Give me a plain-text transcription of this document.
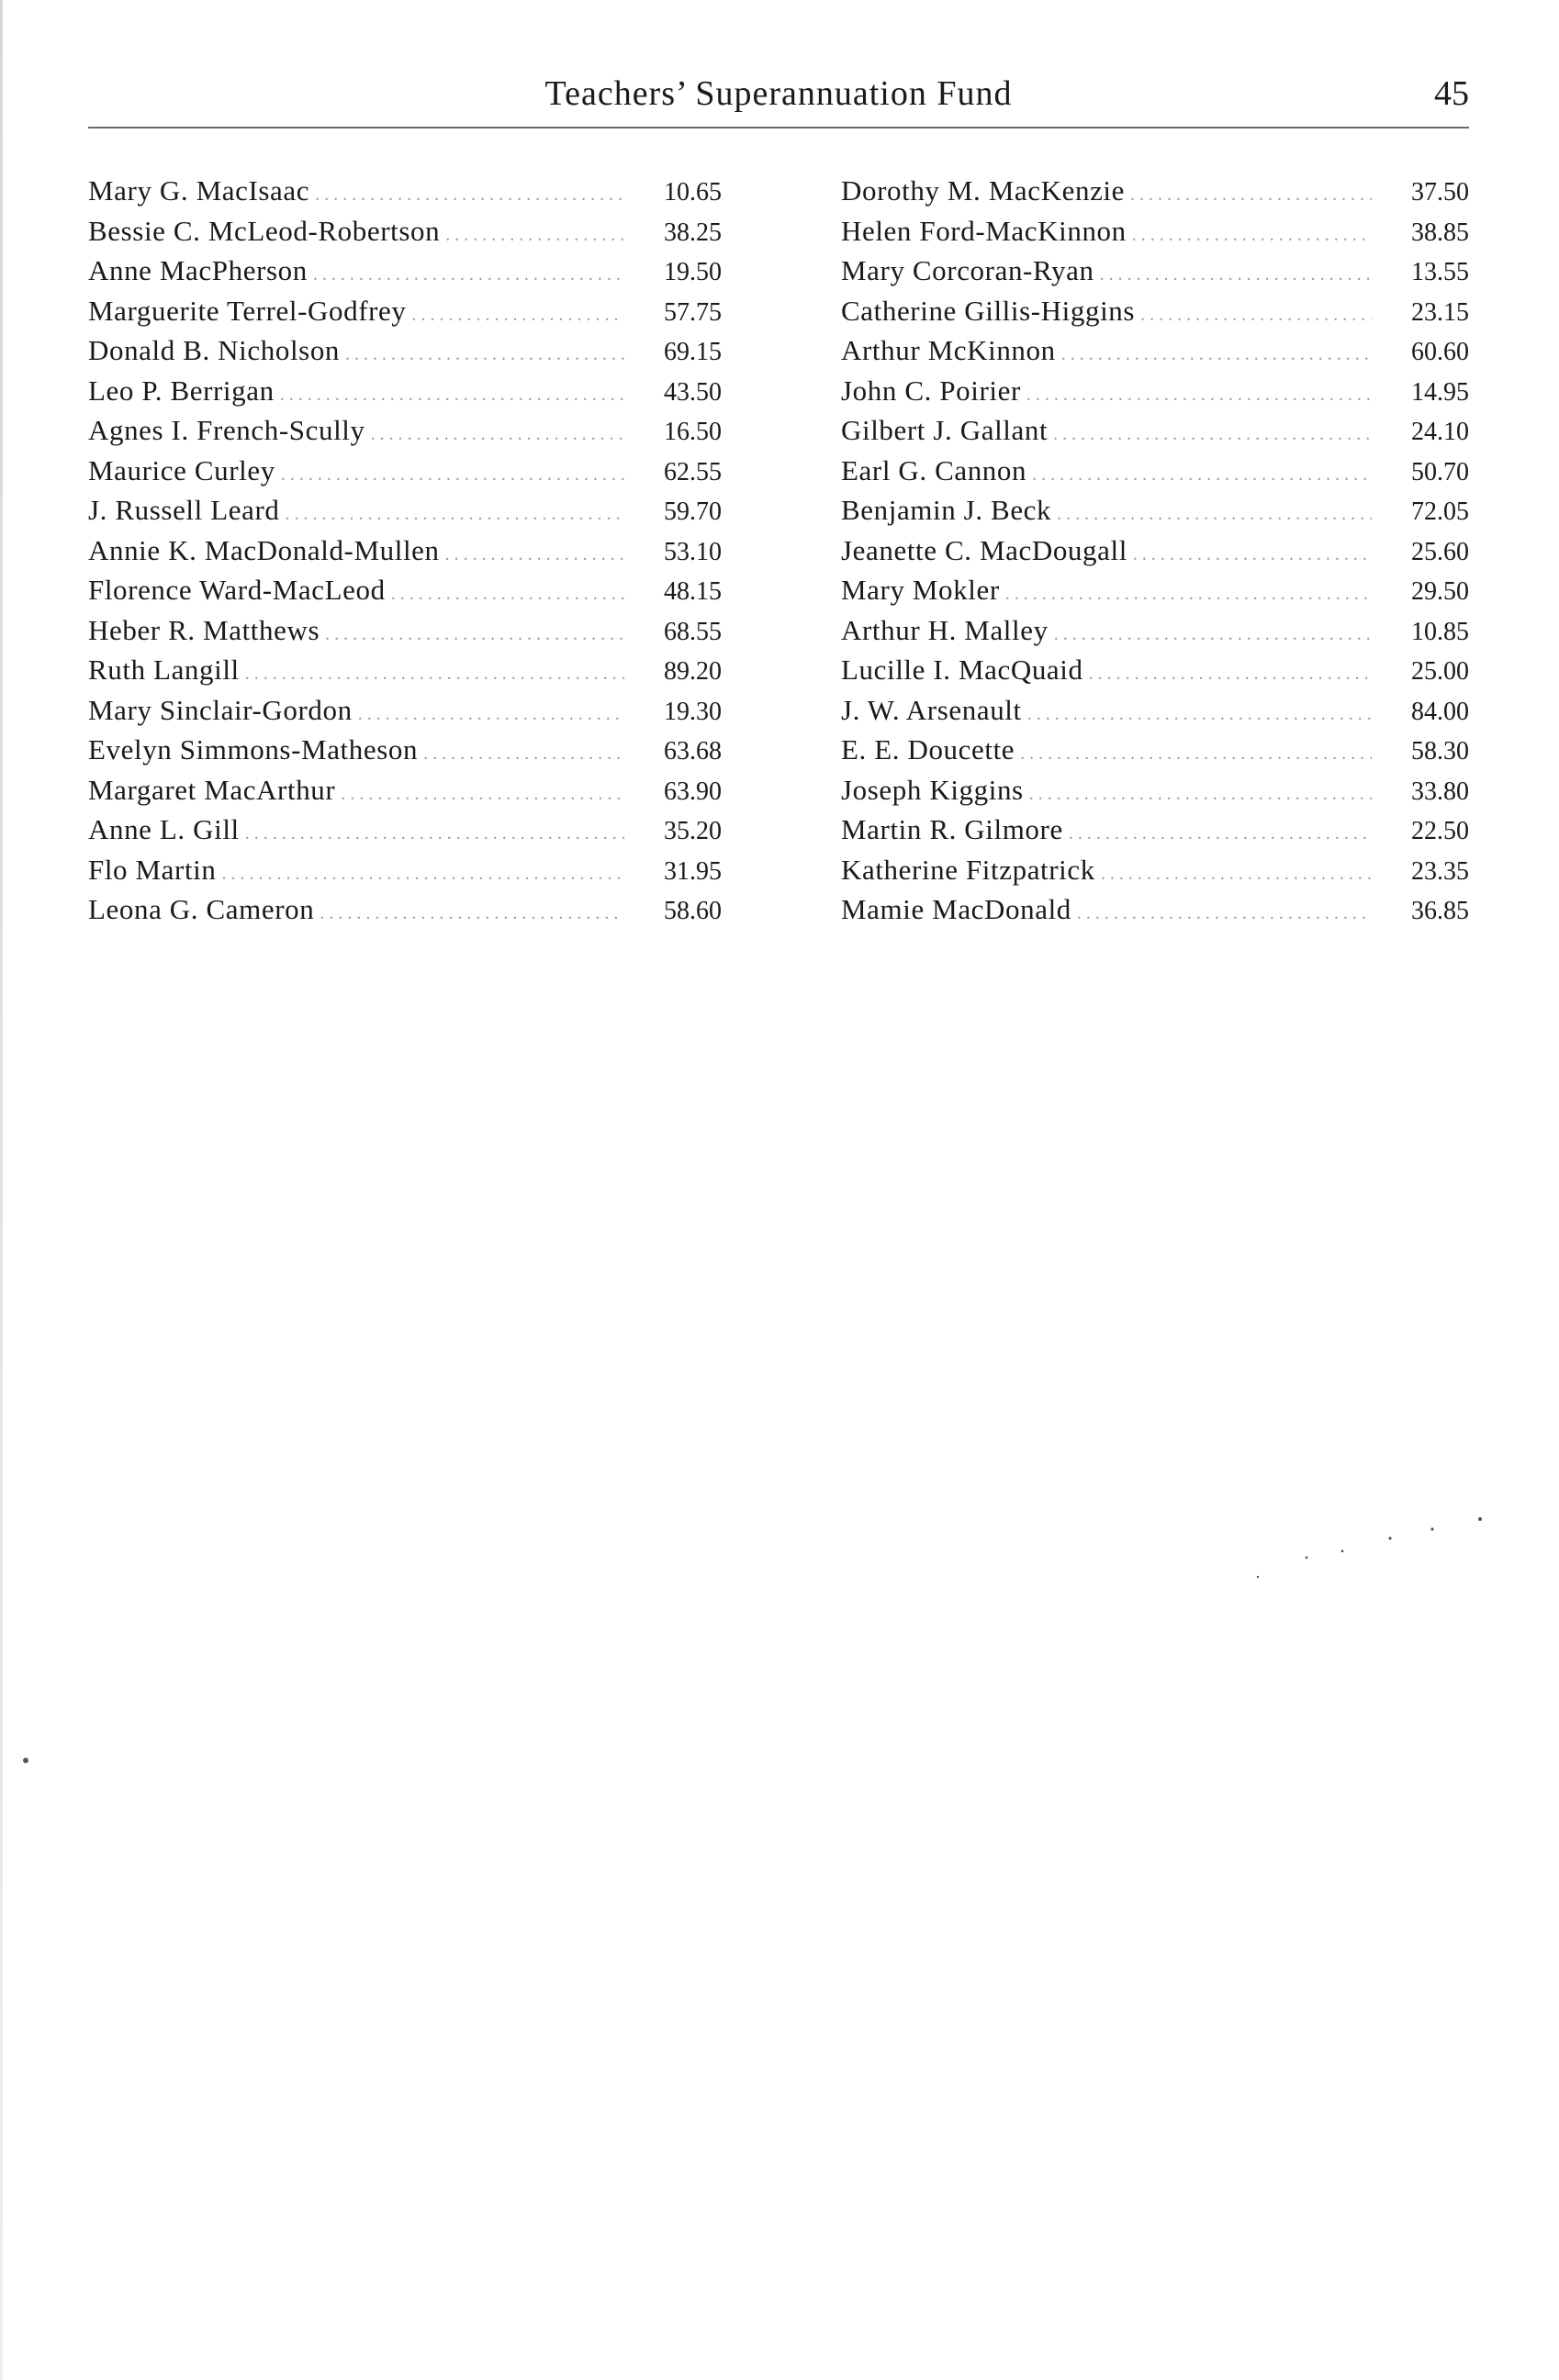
Teachers’ Superannuation Fund	45
Mary G. MacIsaac .....	10.65
Bessie C. McLeod-Robertson .....	38.25
Anne MacPherson .....	19.50
Marguerite Terrel-Godfrey .....	57.75
Donald B. Nicholson .....	69.15
Leo P. Berrigan .....	43.50
Agnes I. French-Scully .....	16.50
Maurice Curley .....	62.55
J. Russell Leard .....	59.70
Annie K. MacDonald-Mullen .....	53.10
Florence Ward-MacLeod .....	48.15
Heber R. Matthews .....	68.55
Ruth Langill .....	89.20
Mary Sinclair-Gordon .....	19.30
Evelyn Simmons-Matheson .....	63.68
Margaret MacArthur .....	63.90
Anne L. Gill .....	35.20
Flo Martin .....	31.95
Leona G. Cameron .....	58.60
Dorothy M. MacKenzie .....	37.50
Helen Ford-MacKinnon .....	38.85
Mary Corcoran-Ryan .....	13.55
Catherine Gillis-Higgins .....	23.15
Arthur McKinnon .....	60.60
John C. Poirier .....	14.95
Gilbert J. Gallant .....	24.10
Earl G. Cannon .....	50.70
Benjamin J. Beck .....	72.05
Jeanette C. MacDougall .....	25.60
Mary Mokler .....	29.50
Arthur H. Malley .....	10.85
Lucille I. MacQuaid .....	25.00
J. W. Arsenault .....	84.00
E. E. Doucette .....	58.30
Joseph Kiggins .....	33.80
Martin R. Gilmore .....	22.50
Katherine Fitzpatrick .....	23.35
Mamie MacDonald .....	36.85
